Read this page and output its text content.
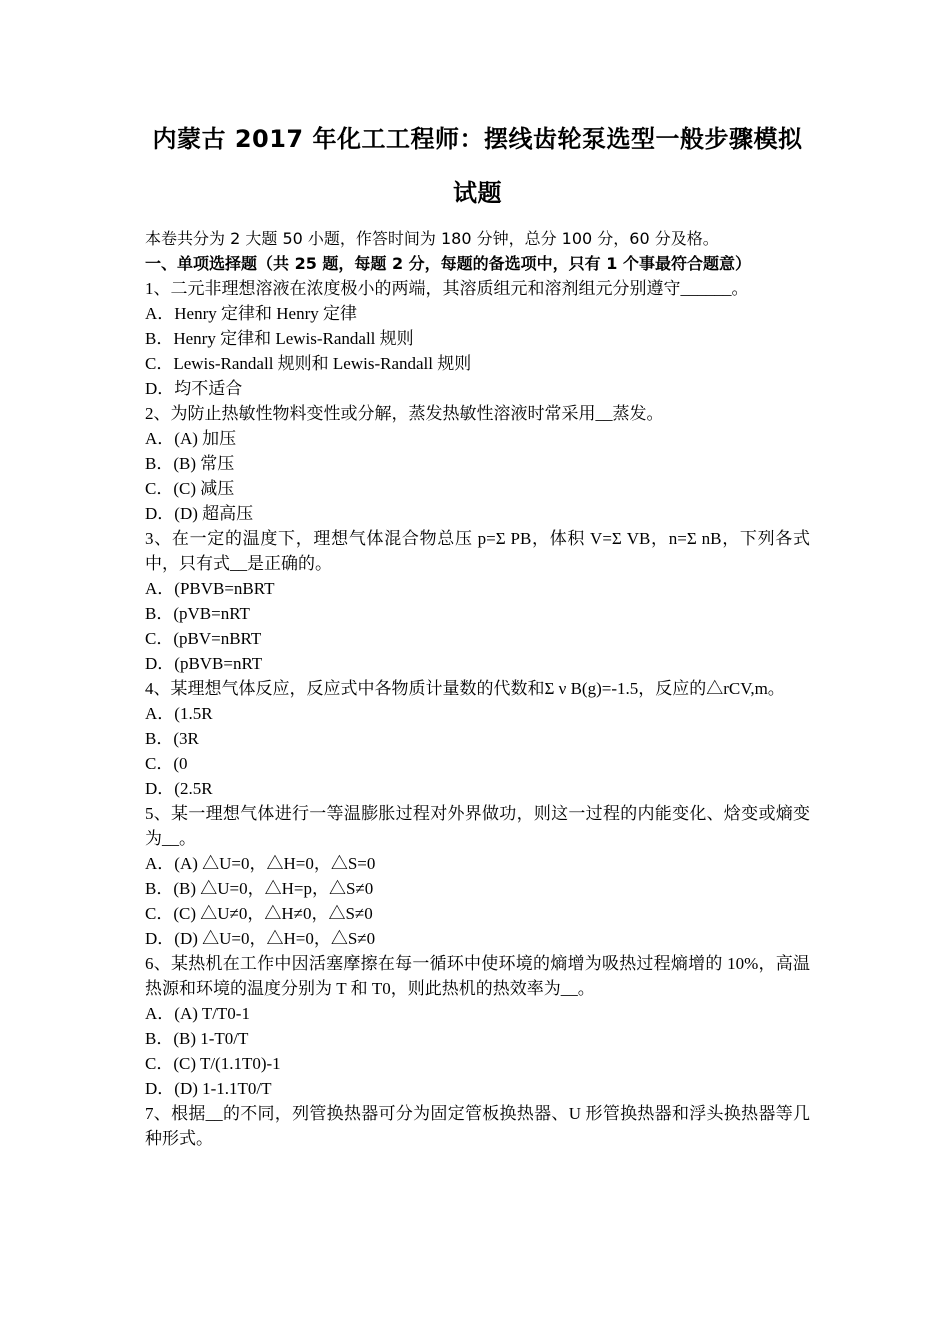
内蒙古 2017 年化工工程师：摆线齿轮泵选型一般步骤模拟
试题
本卷共分为 2 大题 50 小题，作答时间为 180 分钟，总分 100 分，60 分及格。
一、单项选择题（共 25 题，每题 2 分，每题的备选项中，只有 1 个事最符合题意）
1、二元非理想溶液在浓度极小的两端，其溶质组元和溶剂组元分别遵守______。
A．Henry 定律和 Henry 定律
B．Henry 定律和 Lewis-Randall 规则
C．Lewis-Randall 规则和 Lewis-Randall 规则
D．均不适合
2、为防止热敏性物料变性或分解，蒸发热敏性溶液时常采用__蒸发。
A．(A) 加压
B．(B) 常压
C．(C) 减压
D．(D) 超高压
3、在一定的温度下，理想气体混合物总压 p=Σ PB，体积 V=Σ VB，n=Σ nB，下列各式中，只有式__是正确的。
A．(PBVB=nBRT
B．(pVB=nRT
C．(pBV=nBRT
D．(pBVB=nRT
4、某理想气体反应，反应式中各物质计量数的代数和Σ ν B(g)=-1.5，反应的△rCV,m。
A．(1.5R
B．(3R
C．(0
D．(2.5R
5、某一理想气体进行一等温膨胀过程对外界做功，则这一过程的内能变化、焓变或熵变为__。
A．(A) △U=0，△H=0，△S=0
B．(B) △U=0，△H=p，△S≠0
C．(C) △U≠0，△H≠0，△S≠0
D．(D) △U=0，△H=0，△S≠0
6、某热机在工作中因活塞摩擦在每一循环中使环境的熵增为吸热过程熵增的 10%，高温热源和环境的温度分别为 T 和 T0，则此热机的热效率为__。
A．(A) T/T0-1
B．(B) 1-T0/T
C．(C) T/(1.1T0)-1
D．(D) 1-1.1T0/T
7、根据__的不同，列管换热器可分为固定管板换热器、U 形管换热器和浮头换热器等几种形式。
